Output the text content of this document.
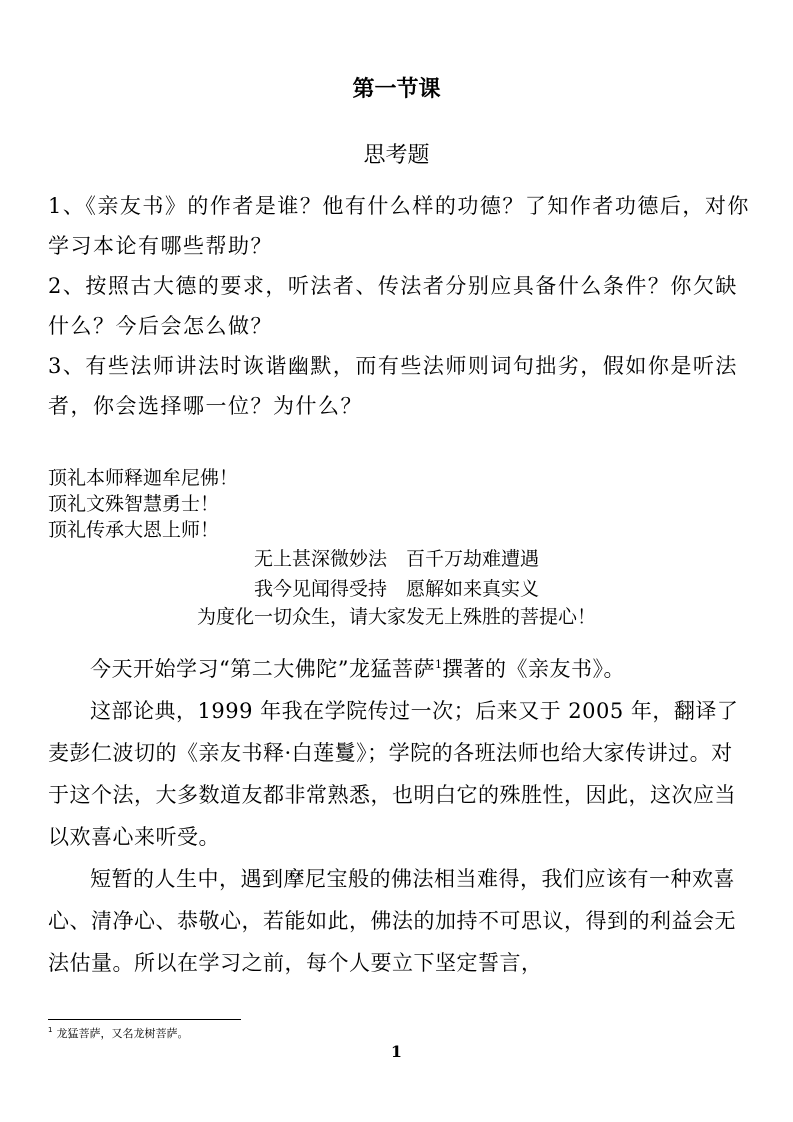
第一节课
思考题

1、《亲友书》的作者是谁？他有什么样的功德？了知作者功德后，对你学习本论有哪些帮助？

2、按照古大德的要求，听法者、传法者分别应具备什么条件？你欠缺什么？今后会怎么做？

3、有些法师讲法时诙谐幽默，而有些法师则词句拙劣，假如你是听法者，你会选择哪一位？为什么？

顶礼本师释迦牟尼佛！
顶礼文殊智慧勇士！
顶礼传承大恩上师！
无上甚深微妙法　百千万劫难遭遇
我今见闻得受持　愿解如来真实义
为度化一切众生，请大家发无上殊胜的菩提心！

今天开始学习“第二大佛陀”龙猛菩萨$^1$撰著的《亲友书》。

这部论典，1999 年我在学院传过一次；后来又于 2005 年，翻译了麦彭仁波切的《亲友书释·白莲鬘》；学院的各班法师也给大家传讲过。对于这个法，大多数道友都非常熟悉，也明白它的殊胜性，因此，这次应当以欢喜心来听受。

短暂的人生中，遇到摩尼宝般的佛法相当难得，我们应该有一种欢喜心、清净心、恭敬心，若能如此，佛法的加持不可思议，得到的利益会无法估量。所以在学习之前，每个人要立下坚定誓言，

$^1$ 龙猛菩萨，又名龙树菩萨。
1
